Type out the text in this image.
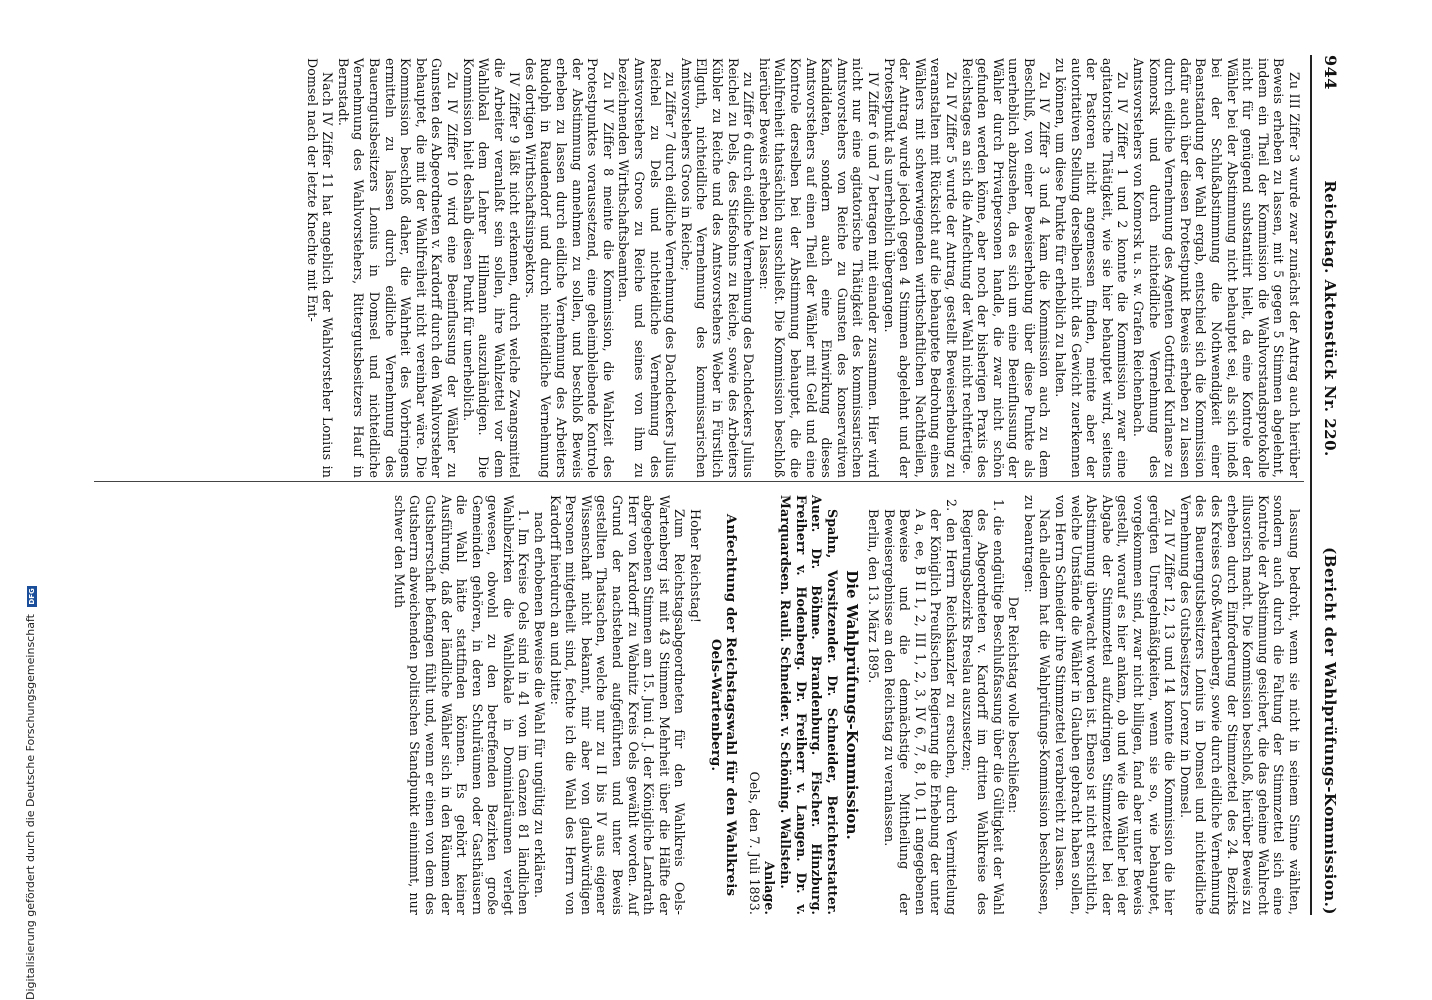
944
Reichstag. Aktenstück Nr. 220.
(Bericht der Wahlprüfungs-Kommission.)

Zu III Ziffer 3 wurde zwar zunächst der Antrag auch hierüber Beweis erheben zu lassen, mit 5 gegen 5 Stimmen abgelehnt, indem ein Theil der Kommission die Wahlvorstandsprotokolle nicht für genügend substantiirt hielt, da eine Kontrole der Wähler bei der Abstimmung nicht behauptet sei, als sich indeß bei der Schlußabstimmung die Nothwendigkeit einer Beanstandung der Wahl ergab, entschied sich die Kommission dafür auch über diesen Protestpunkt Beweis erheben zu lassen durch eidliche Vernehmung des Agenten Gottfried Kurlanse zu Komorsk und durch nichteidliche Vernehmung des Amtsvorstehers von Komorsk u. s. w. Grafen Reichenbach.

Zu IV Ziffer 1 und 2 konnte die Kommission zwar eine agitatorische Thätigkeit, wie sie hier behauptet wird, seitens der Pastoren nicht angemessen finden, meinte aber der autoritativen Stellung derselben nicht das Gewicht zuerkennen zu können, um diese Punkte für erheblich zu halten.

Zu IV Ziffer 3 und 4 kam die Kommission auch zu dem Beschluß, von einer Beweiserhebung über diese Punkte als unerheblich abzusehen, da es sich um eine Beeinflussung der Wähler durch Privatpersonen handle, die zwar nicht schön gefunden werden könne, aber noch der bisherigen Praxis des Reichstages an sich die Anfechtung der Wahl nicht rechtfertige.

Zu IV Ziffer 5 wurde der Antrag, gestellt Beweiserhebung zu veranstalten mit Rücksicht auf die behauptete Bedrohung eines Wählers mit schwerwiegenden wirthschaftlichen Nachtheilen, der Antrag wurde jedoch gegen 4 Stimmen abgelehnt und der Protestpunkt als unerheblich übergangen.

IV Ziffer 6 und 7 betragen mit einander zusammen. Hier wird nicht nur eine agitatorische Thätigkeit des kommissarischen Amtsvorstehers von Reiche zu Gunsten des konservativen Kandidaten, sondern auch eine Einwirkung dieses Amtsvorstehers auf einen Theil der Wähler mit Geld und eine Kontrole derselben bei der Abstimmung behauptet, die die Wahlfreiheit thatsächlich ausschließt. Die Kommission beschloß hierüber Beweis erheben zu lassen:

zu Ziffer 6 durch eidliche Vernehmung des Dachdeckers Julius Reichel zu Dels, des Stiefsohns zu Reiche, sowie des Arbeiters Kübler zu Reiche und des Amtsvorstehers Weber in Fürstlich Ellguth, nichteidliche Vernehmung des kommissarischen Amtsvorstehers Groos in Reiche;

zu Ziffer 7 durch eidliche Vernehmung des Dachdeckers Julius Reichel zu Dels und nichteidliche Vernehmung des Amtsvorstehers Groos zu Reiche und seines von ihm zu bezeichnenden Wirthschaftsbeamten.

Zu IV Ziffer 8 meinte die Kommission, die Wahlzeit des Protestpunktes voraussetzend, eine geheimbleibende Kontrole der Abstimmung annehmen zu sollen, und beschloß Beweis erheben zu lassen durch eidliche Vernehmung des Arbeiters Rudolph in Raudendorf und durch nichteidliche Vernehmung des dortigen Wirthschaftsinspektors.

IV Ziffer 9 läßt nicht erkennen, durch welche Zwangsmittel die Arbeiter veranlaßt sein sollen, ihre Wahlzettel vor dem Wahllokal dem Lehrer Hillmann auszuhändigen. Die Kommission hielt deshalb diesen Punkt für unerheblich.

Zu IV Ziffer 10 wird eine Beeinflussung der Wähler zu Gunsten des Abgeordneten v. Kardorff durch den Wahlvorsteher behauptet, die mit der Wahlfreiheit nicht vereinbar wäre. Die Kommission beschloß daher, die Wahrheit des Vorbringens ermitteln zu lassen durch eidliche Vernehmung des Bauerngutsbesitzers Lonius in Domsel und nichteidliche Vernehmung des Wahlvorstehers, Rittergutsbesitzers Hauf in Bernstadt.

Nach IV Ziffer 11 hat angeblich der Wahlvorsteher Lonius in Domsel nach der letzte Knechte mit Ent-

lassung bedroht, wenn sie nicht in seinem Sinne wählten, sondern auch durch die Faltung der Stimmzettel sich eine Kontrole der Abstimmung gesichert, die das geheime Wahlrecht illusorisch macht. Die Kommission beschloß, hierüber Beweis zu erheben durch Einforderung der Stimmzettel des 24. Bezirks des Kreises Groß-Wartenberg, sowie durch eidliche Vernehmung des Bauerngutsbesitzers Lonius in Domsel und nichteidliche Vernehmung des Gutsbesitzers Lorenz in Domsel.

Zu IV Ziffer 12, 13 und 14 konnte die Kommission die hier gerügten Unregelmäßigkeiten, wenn sie so, wie behauptet, vorgekommen sind, zwar nicht billigen, fand aber unter Beweis gestellt, worauf es hier ankam, ob und wie die Wähler bei der Abgabe der Stimmzettel aufzudringen Stimmzettel bei der Abstimmung überwacht worden ist. Ebenso ist nicht ersichtlich, welche Umstände die Wähler in Glauben gebracht haben sollen, von Herrn Schneider ihre Stimmzettel verabreicht zu lassen.

Nach alledem hat die Wahlprüfungs-Kommission beschlossen, zu beantragen:

Der Reichstag wolle beschließen:

1. die endgültige Beschlußfassung über die Gültigkeit der Wahl des Abgeordneten v. Kardorff im dritten Wahlkreise des Regierungsbezirks Breslau auszusetzen;

2. den Herrn Reichskanzler zu ersuchen, durch Vermittelung der Königlich Preußischen Regierung die Erhebung der unter A a, ee, B II 1, 2, III 1, 2, 3, IV 6, 7, 8, 10, 11 angegebenen Beweise und die demnächstige Mittheilung der Beweisergebnisse an den Reichstag zu veranlassen.

Berlin, den 13. März 1895.

Die Wahlprüfungs-Kommission.

Spahn, Vorsitzender. Dr. Schneider, Berichterstatter. Auer. Dr. Böhme. Brandenburg. Fischer. Hinzburg. Freiherr v. Hodenberg. Dr. Freiherr v. Langen. Dr. v. Marquardsen. Rauli. Schneider. v. Schöning. Wallstein.

Anlage.

Oels, den 7. Juli 1893.

Anfechtung der Reichstagswahl für den Wahlkreis Oels-Wartenberg.

Hoher Reichstag!

Zum Reichstagsabgeordneten für den Wahlkreis Oels-Wartenberg ist mit 43 Stimmen Mehrheit über die Hälfte der abgegebenen Stimmen am 15. Juni d. J. der Königliche Landrath Herr von Kardorff zu Wabnitz Kreis Oels gewählt worden. Auf Grund der nachstehend aufgeführten und unter Beweis gestellten Thatsachen, welche nur zu II bis IV aus eigener Wissenschaft nicht bekannt, mir aber von glaubwürdigen Personen mitgetheilt sind, fechte ich die Wahl des Herrn von Kardorff hierdurch an und bitte:

nach erhobenen Beweise die Wahl für ungültig zu erklären.

1. Im Kreise Oels sind in 41 von im Ganzen 81 ländlichen Wahlbezirken die Wahllokale in Dominialräumen verlegt gewesen, obwohl zu den betreffenden Bezirken große Gemeinden gehören, in deren Schulräumen oder Gasthäusern die Wahl hätte stattfinden können. Es gehört keiner Ausführung, daß der ländliche Wähler sich in den Räumen der Gutsherrschaft befangen fühlt und, wenn er einen von dem des Gutsherrn abweichenden politischen Standpunkt einnimmt, nur schwer den Muth

Digitalisierung gefördert durch die Deutsche Forschungsgemeinschaft DFG
